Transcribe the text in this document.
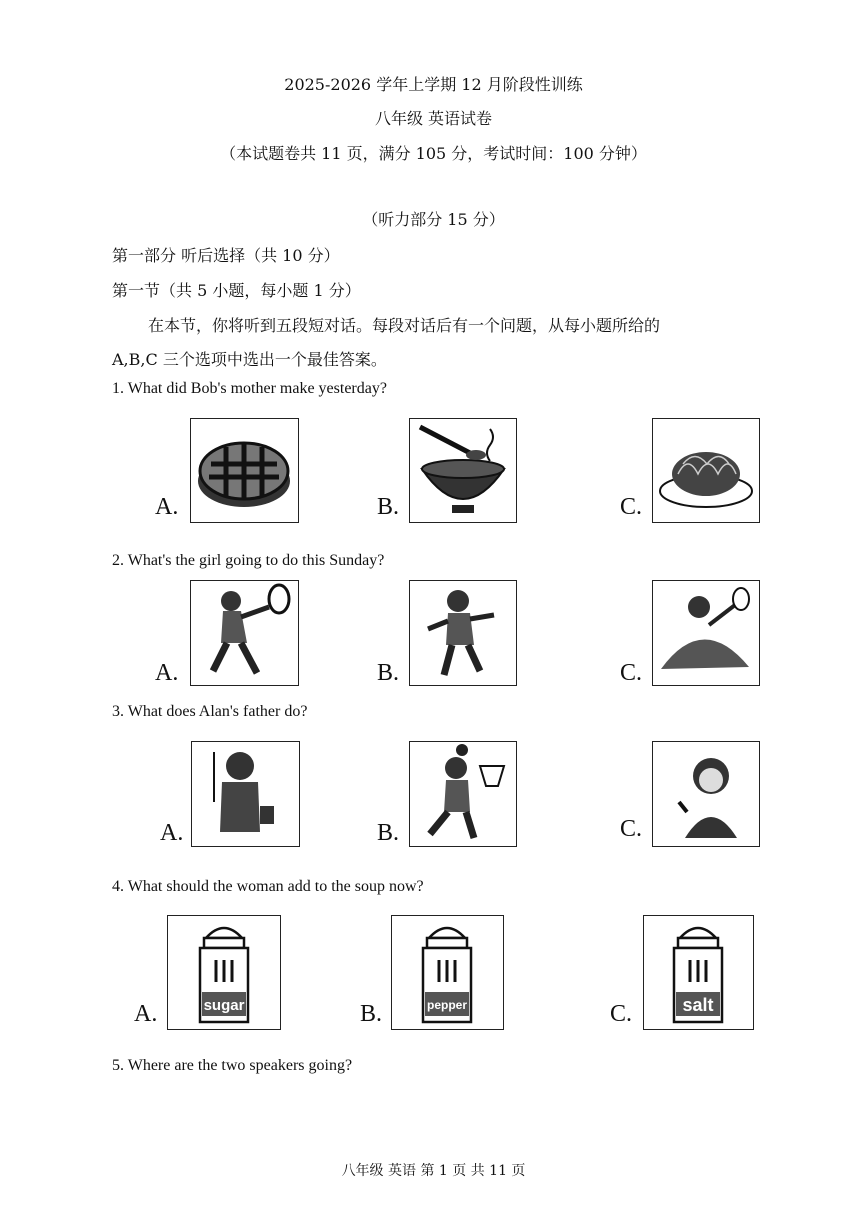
2025-2026 学年上学期 12 月阶段性训练
八年级 英语试卷
（本试题卷共 11 页，满分 105 分，考试时间：100 分钟）
（听力部分 15 分）
第一部分 听后选择（共 10 分）
第一节（共 5 小题，每小题 1 分）
在本节，你将听到五段短对话。每段对话后有一个问题，从每小题所给的
A,B,C 三个选项中选出一个最佳答案。
1. What did Bob's mother make yesterday?
A.	B.	C.
2. What's the girl going to do this Sunday?
A.	B.	C.
3. What does Alan's father do?
A.	B.	C.
4. What should the woman add to the soup now?
A.	sugar	B.	pepper	C.	salt
5. Where are the two speakers going?
八年级 英语 第 1 页 共 11 页
